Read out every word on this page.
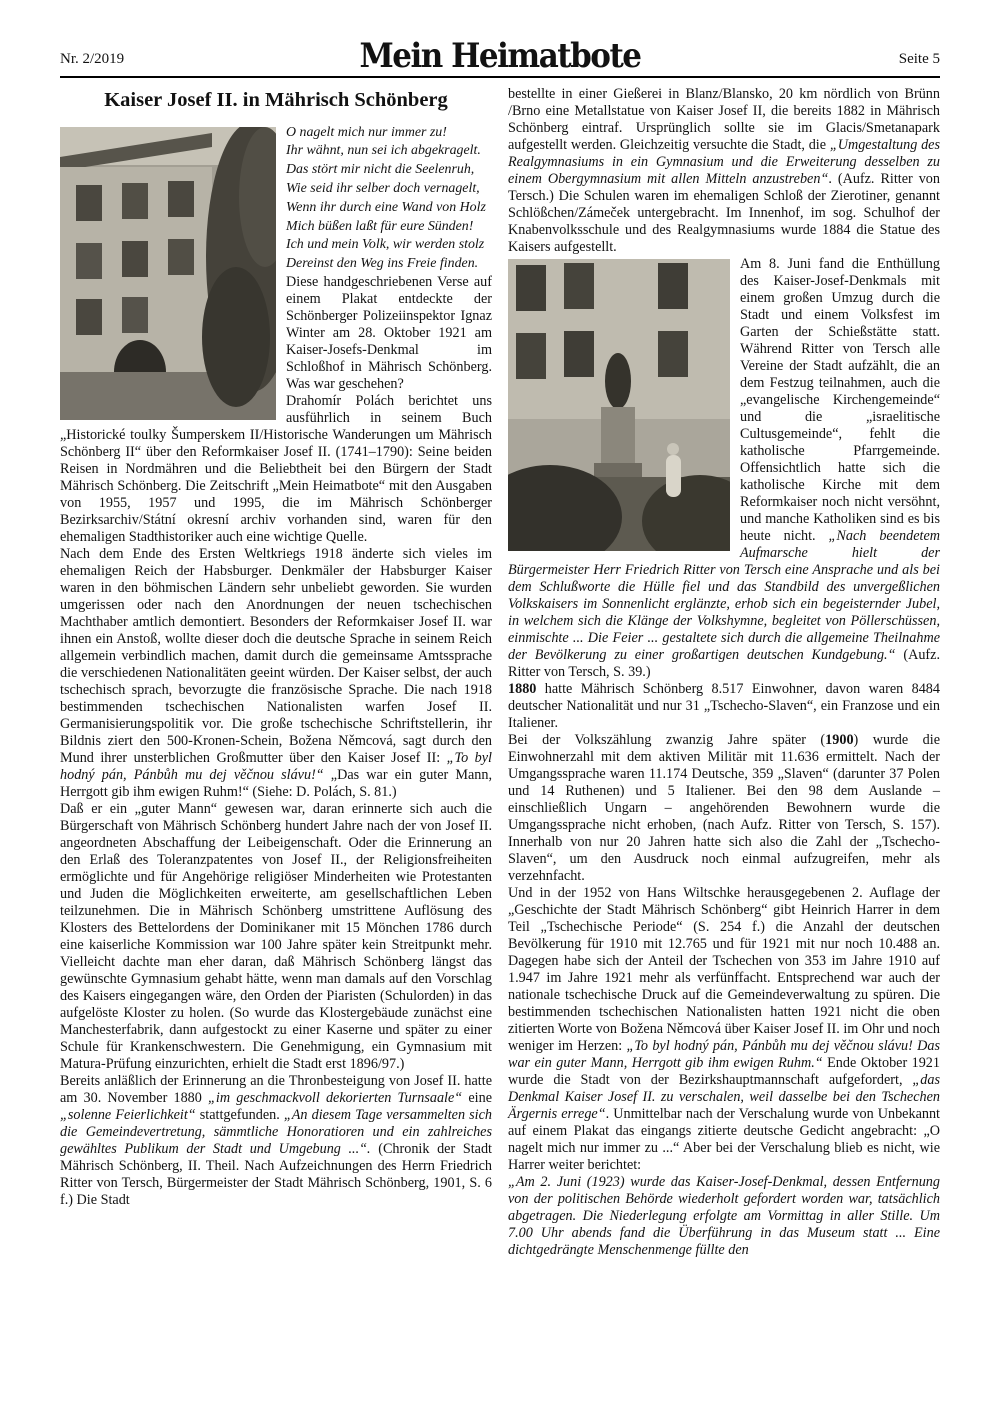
Nr. 2/2019	Mein Heimatbote	Seite 5
Kaiser Josef II. in Mährisch Schönberg
O nagelt mich nur immer zu!
Ihr wähnt, nun sei ich abgekragelt.
Das stört mir nicht die Seelenruh,
Wie seid ihr selber doch vernagelt,
Wenn ihr durch eine Wand von Holz
Mich büßen laßt für eure Sünden!
Ich und mein Volk, wir werden stolz
Dereinst den Weg ins Freie finden.

Diese handgeschriebenen Verse auf einem Plakat entdeckte der Schönberger Polizeiinspektor Ignaz Winter am 28. Oktober 1921 am Kaiser-Josefs-Denkmal im Schloßhof in Mährisch Schönberg. Was war geschehen?

Drahomír Polách berichtet uns ausführlich in seinem Buch „Historické toulky Šumperskem II/Historische Wanderungen um Mährisch Schönberg II“ über den Reformkaiser Josef II. (1741–1790): Seine beiden Reisen in Nordmähren und die Beliebtheit bei den Bürgern der Stadt Mährisch Schönberg. Die Zeitschrift „Mein Heimatbote“ mit den Ausgaben von 1955, 1957 und 1995, die im Mährisch Schönberger Bezirksarchiv/Státní okresní archiv vorhanden sind, waren für den ehemaligen Stadthistoriker auch eine wichtige Quelle.

Nach dem Ende des Ersten Weltkriegs 1918 änderte sich vieles im ehemaligen Reich der Habsburger. Denkmäler der Habsburger Kaiser waren in den böhmischen Ländern sehr unbeliebt geworden. Sie wurden umgerissen oder nach den Anordnungen der neuen tschechischen Machthaber amtlich demontiert. Besonders der Reformkaiser Josef II. war ihnen ein Anstoß, wollte dieser doch die deutsche Sprache in seinem Reich allgemein verbindlich machen, damit durch die gemeinsame Amtssprache die verschiedenen Nationalitäten geeint würden. Der Kaiser selbst, der auch tschechisch sprach, bevorzugte die französische Sprache. Die nach 1918 bestimmenden tschechischen Nationalisten warfen Josef II. Germanisierungspolitik vor. Die große tschechische Schriftstellerin, ihr Bildnis ziert den 500-Kronen-Schein, Božena Němcová, sagt durch den Mund ihrer unsterblichen Großmutter über den Kaiser Josef II: „To byl hodný pán, Pánbůh mu dej věčnou slávu!“ „Das war ein guter Mann, Herrgott gib ihm ewigen Ruhm!“ (Siehe: D. Polách, S. 81.)

Daß er ein „guter Mann“ gewesen war, daran erinnerte sich auch die Bürgerschaft von Mährisch Schönberg hundert Jahre nach der von Josef II. angeordneten Abschaffung der Leibeigenschaft. Oder die Erinnerung an den Erlaß des Toleranzpatentes von Josef II., der Religionsfreiheiten ermöglichte und für Angehörige religiöser Minderheiten wie Protestanten und Juden die Möglichkeiten erweiterte, am gesellschaftlichen Leben teilzunehmen. Die in Mährisch Schönberg umstrittene Auflösung des Klosters des Bettelordens der Dominikaner mit 15 Mönchen 1786 durch eine kaiserliche Kommission war 100 Jahre später kein Streitpunkt mehr. Vielleicht dachte man eher daran, daß Mährisch Schönberg längst das gewünschte Gymnasium gehabt hätte, wenn man damals auf den Vorschlag des Kaisers eingegangen wäre, den Orden der Piaristen (Schulorden) in das aufgelöste Kloster zu holen. (So wurde das Klostergebäude zunächst eine Manchesterfabrik, dann aufgestockt zu einer Kaserne und später zu einer Schule für Krankenschwestern. Die Genehmigung, ein Gymnasium mit Matura-Prüfung einzurichten, erhielt die Stadt erst 1896/97.)

Bereits anläßlich der Erinnerung an die Thronbesteigung von Josef II. hatte am 30. November 1880 „im geschmackvoll dekorierten Turnsaale“ eine „solenne Feierlichkeit“ stattgefunden. „An diesem Tage versammelten sich die Gemeindevertretung, sämmtliche Honoratioren und ein zahlreiches gewähltes Publikum der Stadt und Umgebung ...“. (Chronik der Stadt Mährisch Schönberg, II. Theil. Nach Aufzeichnungen des Herrn Friedrich Ritter von Tersch, Bürgermeister der Stadt Mährisch Schönberg, 1901, S. 6 f.) Die Stadt

bestellte in einer Gießerei in Blanz/Blansko, 20 km nördlich von Brünn /Brno eine Metallstatue von Kaiser Josef II, die bereits 1882 in Mährisch Schönberg eintraf. Ursprünglich sollte sie im Glacis/Smetanapark aufgestellt werden. Gleichzeitig versuchte die Stadt, die „Umgestaltung des Realgymnasiums in ein Gymnasium und die Erweiterung desselben zu einem Obergymnasium mit allen Mitteln anzustreben“. (Aufz. Ritter von Tersch.) Die Schulen waren im ehemaligen Schloß der Zierotiner, genannt Schlößchen/Zámeček untergebracht. Im Innenhof, im sog. Schulhof der Knabenvolksschule und des Realgymnasiums wurde 1884 die Statue des Kaisers aufgestellt.

Am 8. Juni fand die Enthüllung des Kaiser-Josef-Denkmals mit einem großen Umzug durch die Stadt und einem Volksfest im Garten der Schießstätte statt. Während Ritter von Tersch alle Vereine der Stadt aufzählt, die an dem Festzug teilnahmen, auch die „evangelische Kirchengemeinde“ und die „israelitische Cultusgemeinde“, fehlt die katholische Pfarrgemeinde. Offensichtlich hatte sich die katholische Kirche mit dem Reformkaiser noch nicht versöhnt, und manche Katholiken sind es bis heute nicht. „Nach beendetem Aufmarsche hielt der Bürgermeister Herr Friedrich Ritter von Tersch eine Ansprache und als bei dem Schlußworte die Hülle fiel und das Standbild des unvergeßlichen Volkskaisers im Sonnenlicht erglänzte, erhob sich ein begeisternder Jubel, in welchem sich die Klänge der Volkshymne, begleitet von Pöllerschüssen, einmischte ... Die Feier ... gestaltete sich durch die allgemeine Theilnahme der Bevölkerung zu einer großartigen deutschen Kundgebung.“ (Aufz. Ritter von Tersch, S. 39.)

1880 hatte Mährisch Schönberg 8.517 Einwohner, davon waren 8484 deutscher Nationalität und nur 31 „Tschecho-Slaven“, ein Franzose und ein Italiener.

Bei der Volkszählung zwanzig Jahre später (1900) wurde die Einwohnerzahl mit dem aktiven Militär mit 11.636 ermittelt. Nach der Umgangssprache waren 11.174 Deutsche, 359 „Slaven“ (darunter 37 Polen und 14 Ruthenen) und 5 Italiener. Bei den 98 dem Auslande – einschließlich Ungarn – angehörenden Bewohnern wurde die Umgangssprache nicht erhoben, (nach Aufz. Ritter von Tersch, S. 157). Innerhalb von nur 20 Jahren hatte sich also die Zahl der „Tschecho-Slaven“, um den Ausdruck noch einmal aufzugreifen, mehr als verzehnfacht.

Und in der 1952 von Hans Wiltschke herausgegebenen 2. Auflage der „Geschichte der Stadt Mährisch Schönberg“ gibt Heinrich Harrer in dem Teil „Tschechische Periode“ (S. 254 f.) die Anzahl der deutschen Bevölkerung für 1910 mit 12.765 und für 1921 mit nur noch 10.488 an. Dagegen habe sich der Anteil der Tschechen von 353 im Jahre 1910 auf 1.947 im Jahre 1921 mehr als verfünffacht. Entsprechend war auch der nationale tschechische Druck auf die Gemeindeverwaltung zu spüren. Die bestimmenden tschechischen Nationalisten hatten 1921 nicht die oben zitierten Worte von Božena Němcová über Kaiser Josef II. im Ohr und noch weniger im Herzen: „To byl hodný pán, Pánbůh mu dej věčnou slávu! Das war ein guter Mann, Herrgott gib ihm ewigen Ruhm.“ Ende Oktober 1921 wurde die Stadt von der Bezirkshauptmannschaft aufgefordert, „das Denkmal Kaiser Josef II. zu verschalen, weil dasselbe bei den Tschechen Ärgernis errege“. Unmittelbar nach der Verschalung wurde von Unbekannt auf einem Plakat das eingangs zitierte deutsche Gedicht angebracht: „O nagelt mich nur immer zu ...“ Aber bei der Verschalung blieb es nicht, wie Harrer weiter berichtet:

„Am 2. Juni (1923) wurde das Kaiser-Josef-Denkmal, dessen Entfernung von der politischen Behörde wiederholt gefordert worden war, tatsächlich abgetragen. Die Niederlegung erfolgte am Vormittag in aller Stille. Um 7.00 Uhr abends fand die Überführung in das Museum statt ... Eine dichtgedrängte Menschenmenge füllte den
